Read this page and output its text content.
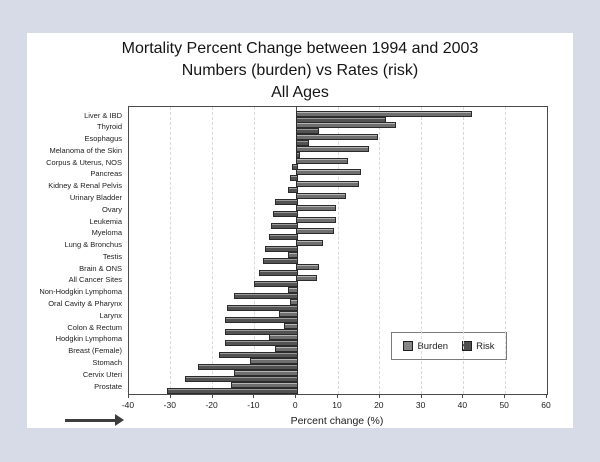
Mortality Percent Change between 1994 and 2003
Numbers (burden) vs Rates (risk)
All Ages
Liver & IBD
Thyroid
Esophagus
Melanoma of the Skin
Corpus & Uterus, NOS
Pancreas
Kidney & Renal Pelvis
Urinary Bladder
Ovary
Leukemia
Myeloma
Lung & Bronchus
Testis
Brain & ONS
All Cancer Sites
Non-Hodgkin Lymphoma
Oral Cavity & Pharynx
Larynx
Colon & Rectum
Hodgkin Lymphoma
Breast (Female)
Stomach
Cervix Uteri
Prostate
Burden	Risk
-40	-30	-20	-10	0	10	20	30	40	50	60
Percent change (%)
